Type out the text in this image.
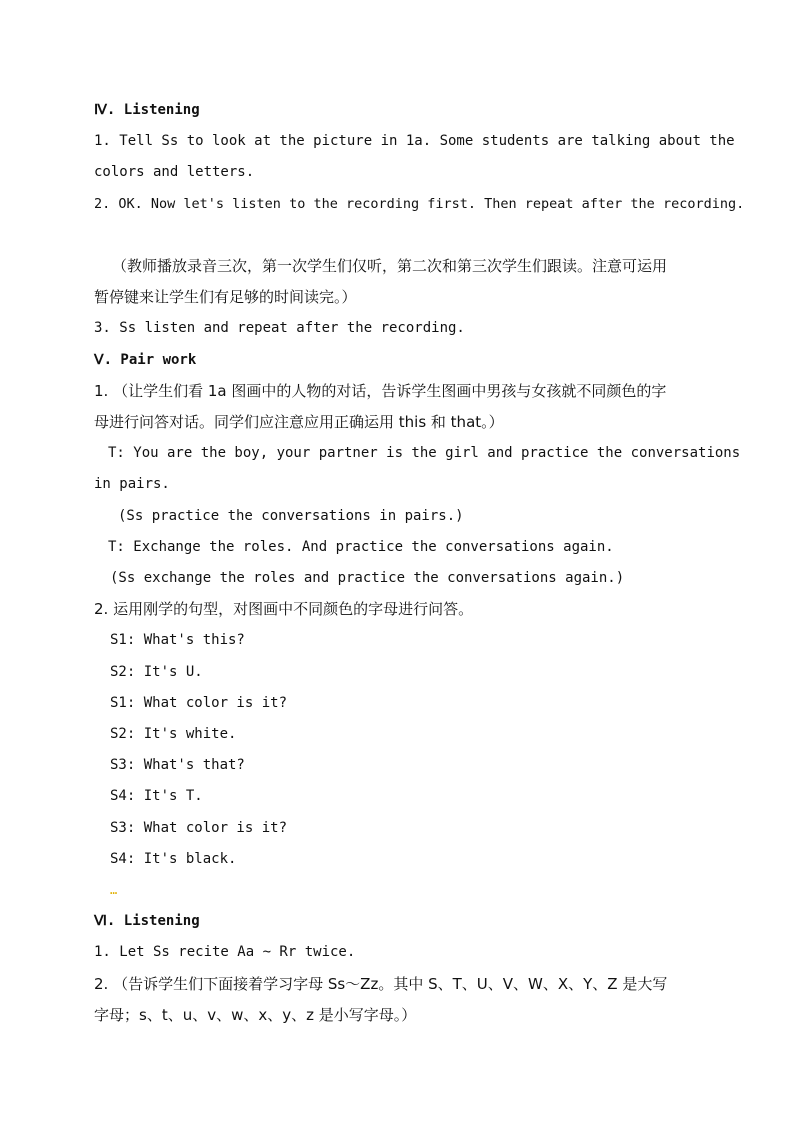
Ⅳ. Listening
1. Tell Ss to look at the picture in 1a. Some students are talking about the
colors and letters.
2. OK. Now let's listen to the recording first. Then repeat after the recording.
（教师播放录音三次，第一次学生们仅听，第二次和第三次学生们跟读。注意可运用
暂停键来让学生们有足够的时间读完。）
3. Ss listen and repeat after the recording.
Ⅴ. Pair work
1. （让学生们看 1a 图画中的人物的对话，告诉学生图画中男孩与女孩就不同颜色的字
母进行问答对话。同学们应注意应用正确运用 this 和 that。）
T: You are the boy, your partner is the girl and practice the conversations
in pairs.
(Ss practice the conversations in pairs.)
T: Exchange the roles. And practice the conversations again.
(Ss exchange the roles and practice the conversations again.)
2. 运用刚学的句型，对图画中不同颜色的字母进行问答。
S1: What's this?
S2: It's U.
S1: What color is it?
S2: It's white.
S3: What's that?
S4: It's T.
S3: What color is it?
S4: It's black.
…
Ⅵ. Listening
1. Let Ss recite Aa ~ Rr twice.
2. （告诉学生们下面接着学习字母 Ss～Zz。其中 S、T、U、V、W、X、Y、Z 是大写
字母；s、t、u、v、w、x、y、z 是小写字母。）
